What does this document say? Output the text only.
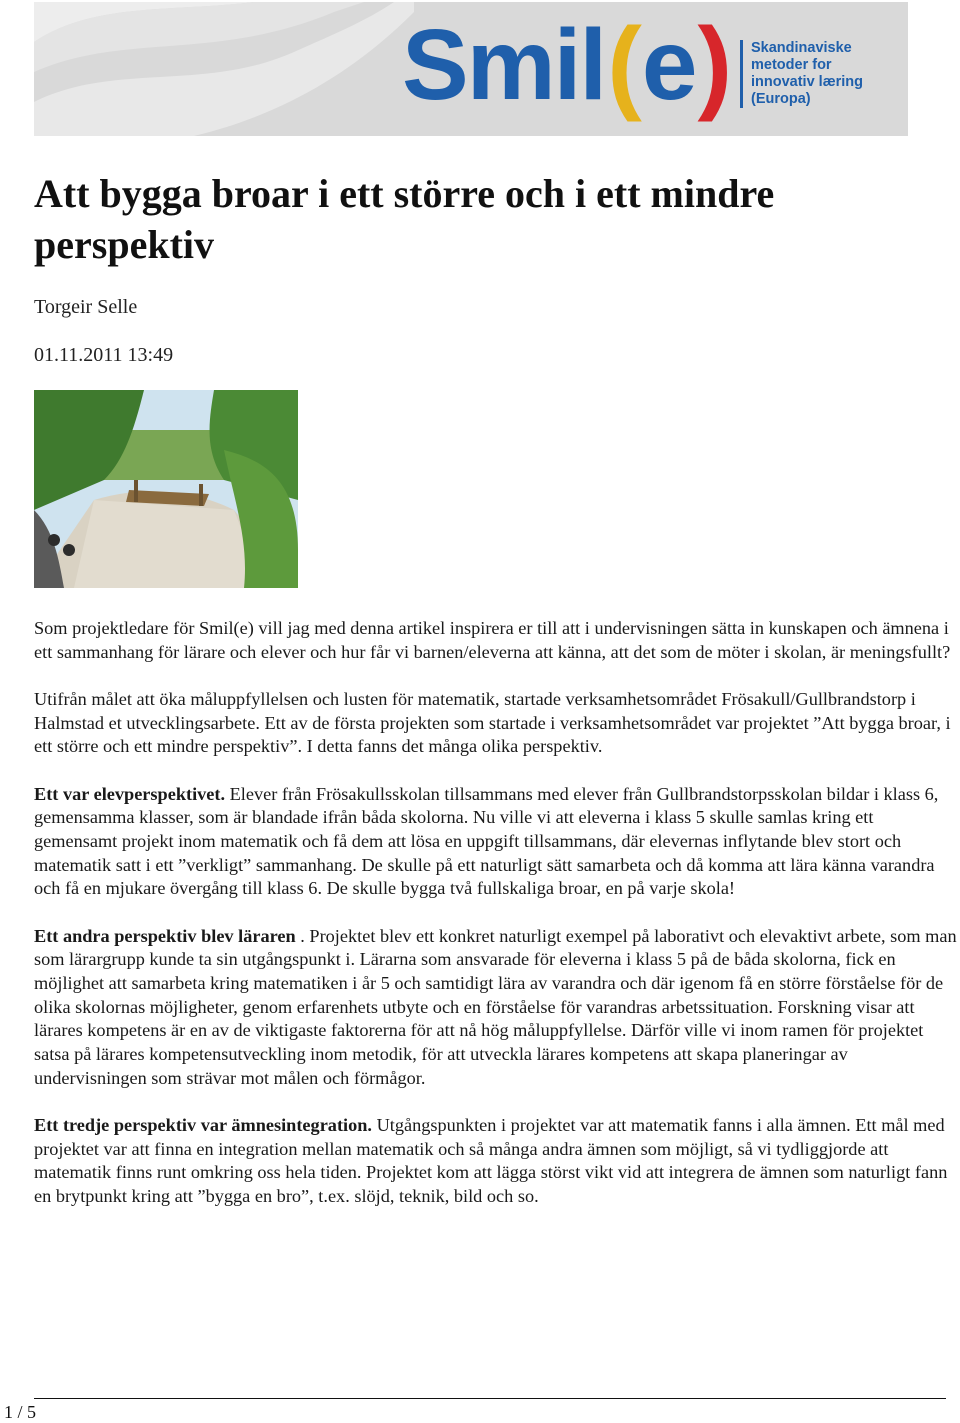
Smil ( e ) Skandinaviske
metoder for
innovativ læring
(Europa)
Att bygga broar i ett större och i ett mindre perspektiv
Torgeir Selle
01.11.2011 13:49

Som projektledare för Smil(e) vill jag med denna artikel inspirera er till att i undervisningen sätta in kunskapen och ämnena i ett sammanhang för lärare och elever och hur får vi barnen/eleverna att känna, att det som de möter i skolan, är meningsfullt?

Utifrån målet att öka måluppfyllelsen och lusten för matematik, startade verksamhetsområdet Frösakull/Gullbrandstorp i Halmstad et utvecklingsarbete. Ett av de första projekten som startade i verksamhetsområdet var projektet ”Att bygga broar, i ett större och ett mindre perspektiv”. I detta fanns det många olika perspektiv.

Ett var elevperspektivet. Elever från Frösakullsskolan tillsammans med elever från Gullbrandstorpsskolan bildar i klass 6, gemensamma klasser, som är blandade ifrån båda skolorna. Nu ville vi att eleverna i klass 5 skulle samlas kring ett gemensamt projekt inom matematik och få dem att lösa en uppgift tillsammans, där elevernas inflytande blev stort och matematik satt i ett ”verkligt” sammanhang. De skulle på ett naturligt sätt samarbeta och då komma att lära känna varandra och få en mjukare övergång till klass 6. De skulle bygga två fullskaliga broar, en på varje skola!

Ett andra perspektiv blev läraren . Projektet blev ett konkret naturligt exempel på laborativt och elevaktivt arbete, som man som lärargrupp kunde ta sin utgångspunkt i. Lärarna som ansvarade för eleverna i klass 5 på de båda skolorna, fick en möjlighet att samarbeta kring matematiken i år 5 och samtidigt lära av varandra och där igenom få en större förståelse för de olika skolornas möjligheter, genom erfarenhets utbyte och en förståelse för varandras arbetssituation. Forskning visar att lärares kompetens är en av de viktigaste faktorerna för att nå hög måluppfyllelse. Därför ville vi inom ramen för projektet satsa på lärares kompetensutveckling inom metodik, för att utveckla lärares kompetens att skapa planeringar av undervisningen som strävar mot målen och förmågor.

Ett tredje perspektiv var ämnesintegration. Utgångspunkten i projektet var att matematik fanns i alla ämnen. Ett mål med projektet var att finna en integration mellan matematik och så många andra ämnen som möjligt, så vi tydliggjorde att matematik finns runt omkring oss hela tiden. Projektet kom att lägga störst vikt vid att integrera de ämnen som naturligt fann en brytpunkt kring att ”bygga en bro”, t.ex. slöjd, teknik, bild och so.

1 / 5
